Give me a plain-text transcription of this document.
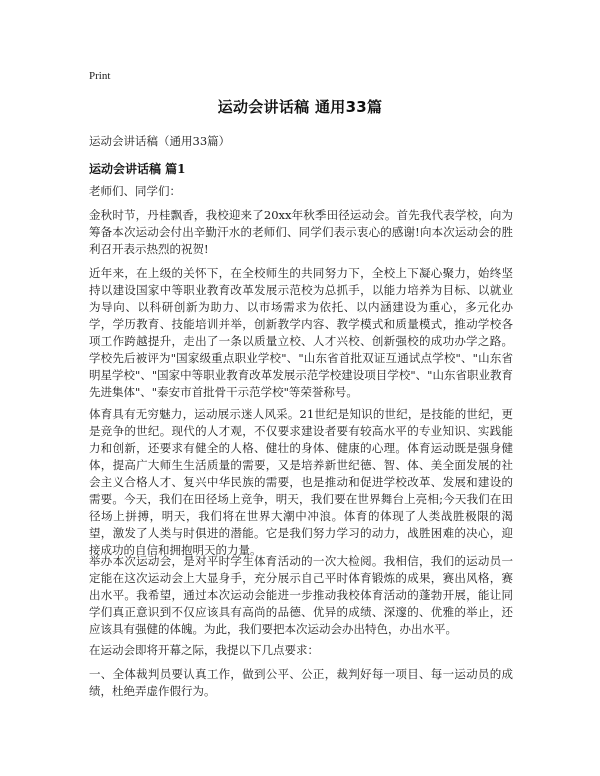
Print
运动会讲话稿 通用33篇
运动会讲话稿（通用33篇）
运动会讲话稿 篇1
老师们、同学们：
金秋时节，丹桂飘香，我校迎来了20xx年秋季田径运动会。首先我代表学校，向为筹备本次运动会付出辛勤汗水的老师们、同学们表示衷心的感谢!向本次运动会的胜利召开表示热烈的祝贺!
近年来，在上级的关怀下，在全校师生的共同努力下，全校上下凝心聚力，始终坚持以建设国家中等职业教育改革发展示范校为总抓手，以能力培养为目标、以就业为导向、以科研创新为助力、以市场需求为依托、以内涵建设为重心，多元化办学，学历教育、技能培训并举，创新教学内容、教学模式和质量模式，推动学校各项工作跨越提升，走出了一条以质量立校、人才兴校、创新强校的成功办学之路。学校先后被评为"国家级重点职业学校"、"山东省首批双证互通试点学校"、"山东省明星学校"、"国家中等职业教育改革发展示范学校建设项目学校"、"山东省职业教育先进集体"、"泰安市首批骨干示范学校"等荣誉称号。
体育具有无穷魅力，运动展示迷人风采。21世纪是知识的世纪，是技能的世纪，更是竞争的世纪。现代的人才观，不仅要求建设者要有较高水平的专业知识、实践能力和创新，还要求有健全的人格、健壮的身体、健康的心理。体育运动既是强身健体，提高广大师生生活质量的需要，又是培养新世纪德、智、体、美全面发展的社会主义合格人才、复兴中华民族的需要，也是推动和促进学校改革、发展和建设的需要。今天，我们在田径场上竞争，明天，我们要在世界舞台上亮相;今天我们在田径场上拼搏，明天，我们将在世界大潮中冲浪。体育的体现了人类战胜极限的渴望，激发了人类与时俱进的潜能。它是我们努力学习的动力，战胜困难的决心，迎接成功的自信和拥抱明天的力量。
举办本次运动会，是对平时学生体育活动的一次大检阅。我相信，我们的运动员一定能在这次运动会上大显身手，充分展示自己平时体育锻炼的成果，赛出风格，赛出水平。我希望，通过本次运动会能进一步推动我校体育活动的蓬勃开展，能让同学们真正意识到不仅应该具有高尚的品德、优异的成绩、深邃的、优雅的举止，还应该具有强健的体魄。为此，我们要把本次运动会办出特色，办出水平。
在运动会即将开幕之际，我提以下几点要求：
一、全体裁判员要认真工作，做到公平、公正，裁判好每一项目、每一运动员的成绩，杜绝弄虚作假行为。
